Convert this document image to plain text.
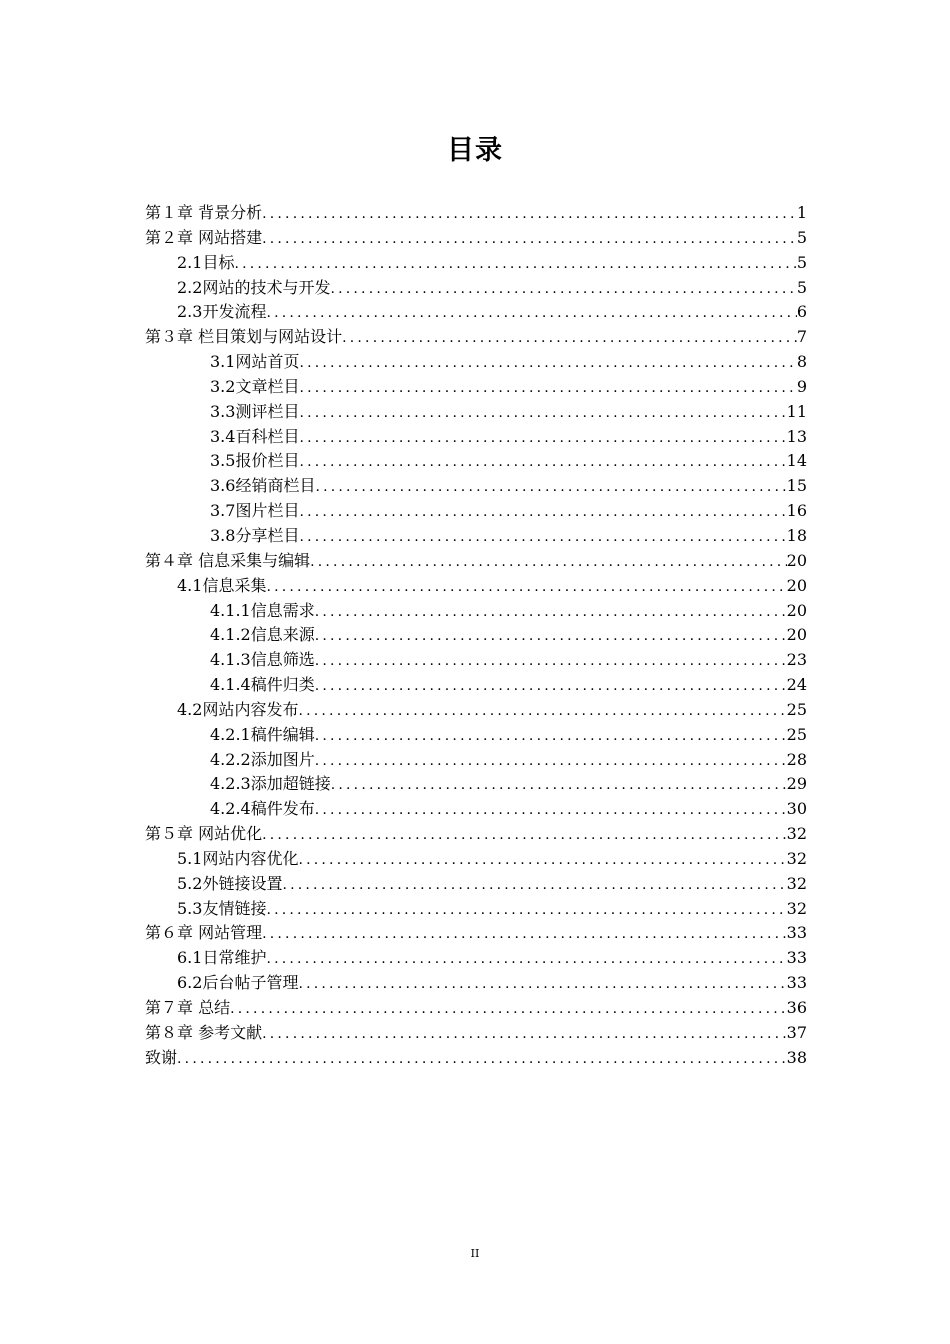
目录
第１章 背景分析 .....	1
第２章 网站搭建 .....	5
2.1目标 .....	5
2.2网站的技术与开发 .....	5
2.3开发流程 .....	6
第３章 栏目策划与网站设计 .....	7
3.1网站首页 .....	8
3.2文章栏目 .....	9
3.3测评栏目 .....	11
3.4百科栏目 .....	13
3.5报价栏目 .....	14
3.6经销商栏目 .....	15
3.7图片栏目 .....	16
3.8分享栏目 .....	18
第４章 信息采集与编辑 .....	20
4.1信息采集 .....	20
4.1.1信息需求 .....	20
4.1.2信息来源 .....	20
4.1.3信息筛选 .....	23
4.1.4稿件归类 .....	24
4.2网站内容发布 .....	25
4.2.1稿件编辑 .....	25
4.2.2添加图片 .....	28
4.2.3添加超链接 .....	29
4.2.4稿件发布 .....	30
第５章 网站优化 .....	32
5.1网站内容优化 .....	32
5.2外链接设置 .....	32
5.3友情链接 .....	32
第６章 网站管理 .....	33
6.1日常维护 .....	33
6.2后台帖子管理 .....	33
第７章 总结 .....	36
第８章 参考文献 .....	37
致谢 .....	38
II
